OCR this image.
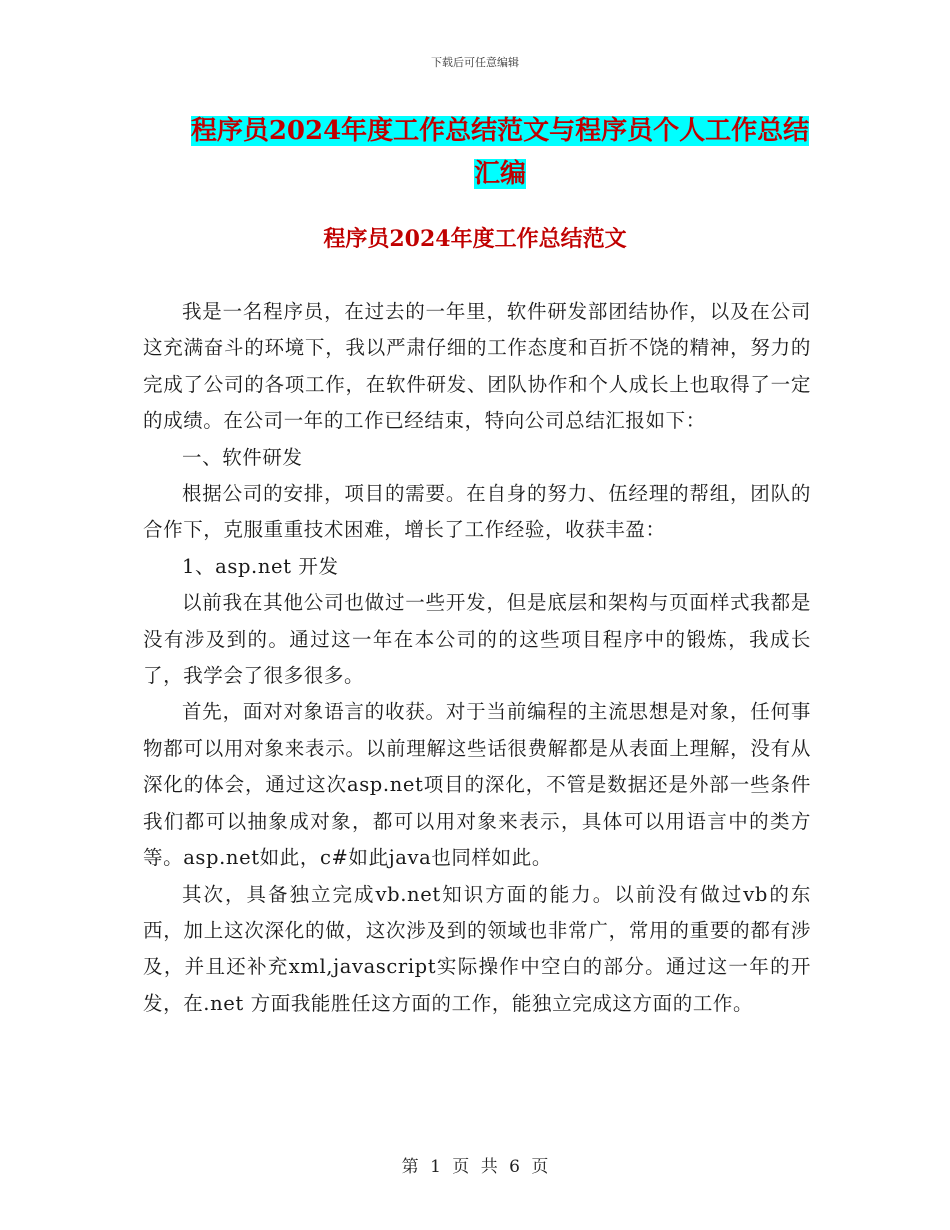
下载后可任意编辑
程序员2024年度工作总结范文与程序员个人工作总结
汇编
程序员2024年度工作总结范文

我是一名程序员，在过去的一年里，软件研发部团结协作，以及在公司这充满奋斗的环境下，我以严肃仔细的工作态度和百折不饶的精神，努力的完成了公司的各项工作，在软件研发、团队协作和个人成长上也取得了一定的成绩。在公司一年的工作已经结束，特向公司总结汇报如下：

一、软件研发

根据公司的安排，项目的需要。在自身的努力、伍经理的帮组，团队的合作下，克服重重技术困难，增长了工作经验，收获丰盈：

1、asp.net 开发

以前我在其他公司也做过一些开发，但是底层和架构与页面样式我都是没有涉及到的。通过这一年在本公司的的这些项目程序中的锻炼，我成长了，我学会了很多很多。

首先，面对对象语言的收获。对于当前编程的主流思想是对象，任何事物都可以用对象来表示。以前理解这些话很费解都是从表面上理解，没有从深化的体会，通过这次asp.net项目的深化，不管是数据还是外部一些条件我们都可以抽象成对象，都可以用对象来表示，具体可以用语言中的类方等。asp.net如此，c#如此java也同样如此。

其次，具备独立完成vb.net知识方面的能力。以前没有做过vb的东西，加上这次深化的做，这次涉及到的领域也非常广，常用的重要的都有涉及，并且还补充xml,javascript实际操作中空白的部分。通过这一年的开发，在.net 方面我能胜任这方面的工作，能独立完成这方面的工作。

第 1 页 共 6 页
